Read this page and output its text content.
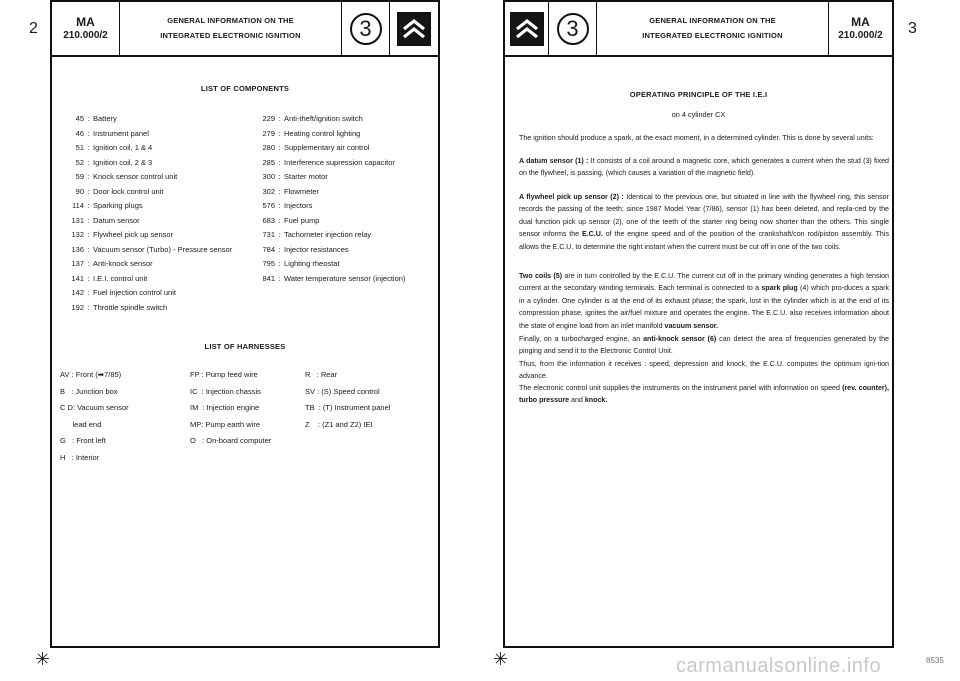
2	MA
210.000/2
GENERAL INFORMATION ON THE
INTEGRATED ELECTRONIC IGNITION	3
LIST OF COMPONENTS
45 : Battery
46 : Instrument panel
51 : Ignition coil, 1 & 4
52 : Ignition coil, 2 & 3
59 : Knock sensor control unit
90 : Door lock control unit
114 : Sparking plugs
131 : Datum sensor
132 : Flywheel pick up sensor
136 : Vacuum sensor (Turbo) - Pressure sensor
137 : Anti-knock sensor
141 : I.E.I. control unit
142 : Fuel injection control unit
192 : Throttle spindle switch
229 : Anti-theft/ignition switch
279 : Heating control lighting
280 : Supplementary air control
285 : Interference supression capacitor
300 : Starter motor
302 : Flowmeter
576 : Injectors
683 : Fuel pump
731 : Tachometer injection relay
784 : Injector resistances
795 : Lighting rheostat
841 : Water temperature sensor (injection)
LIST OF HARNESSES
AV : Front (➡7/85)
B   : Junction box
C D: Vacuum sensor
lead end
G   : Front left
H   : Interior
FP : Pump feed wire
IC  : Injection chassis
IM  : Injection engine
MP: Pump earth wire
O   : On-board computer
R   : Rear
SV : (S) Speed control
TB  : (T) Instrument panel
Z    : (Z1 and Z2) IEI
3	GENERAL INFORMATION ON THE
INTEGRATED ELECTRONIC IGNITION
MA
210.000/2
OPERATING PRINCIPLE OF THE I.E.I
on 4 cylinder CX

The ignition should produce a spark, at the exact moment, in a determined cylinder. This is done by several units:

A datum sensor (1) : It consists of a coil around a magnetic core, which generates a current when the stud (3) fixed on the flywheel, is passing, (which causes a variation of the magnetic field).

A flywheel pick up sensor (2) : Identical to the previous one, but situated in line with the flywheel ring, this sensor records the passing of the teeth; since 1987 Model Year (7/86), sensor (1) has been deleted, and repla-ced by the dual function pick up sensor (2), one of the teeth of the starter ring being now shorter than the others. This single sensor informs the E.C.U. of the engine speed and of the position of the crankshaft/con rod/piston assembly. This allows the E.C.U. to determine the right instant when the current must be cut off in one of the two coils.

Two coils (5) are in turn controlled by the E.C.U. The current cut off in the primary winding generates a high tension current at the secondary winding terminals. Each terminal is connected to a spark plug (4) which pro-duces a spark in a cylinder. One cylinder is at the end of its exhaust phase; the spark, lost in the cylinder which is at the end of its compression phase, ignites the air/fuel mixture and operates the engine. The E.C.U. also receives information about the state of engine load from an inlet manifold vacuum sensor.

Finally, on a turbocharged engine, an anti-knock sensor (6) can detect the area of frequencies generated by the pinging and send it to the Electronic Control Unit.

Thus, from the information it receives : speed, depression and knock, the E.C.U. computes the optimum igni-tion advance.

The electronic control unit supplies the instruments on the instrument panel with information on speed (rev. counter), turbo pressure and knock.

3
✳	✳	carmanualsonline.info	8535
